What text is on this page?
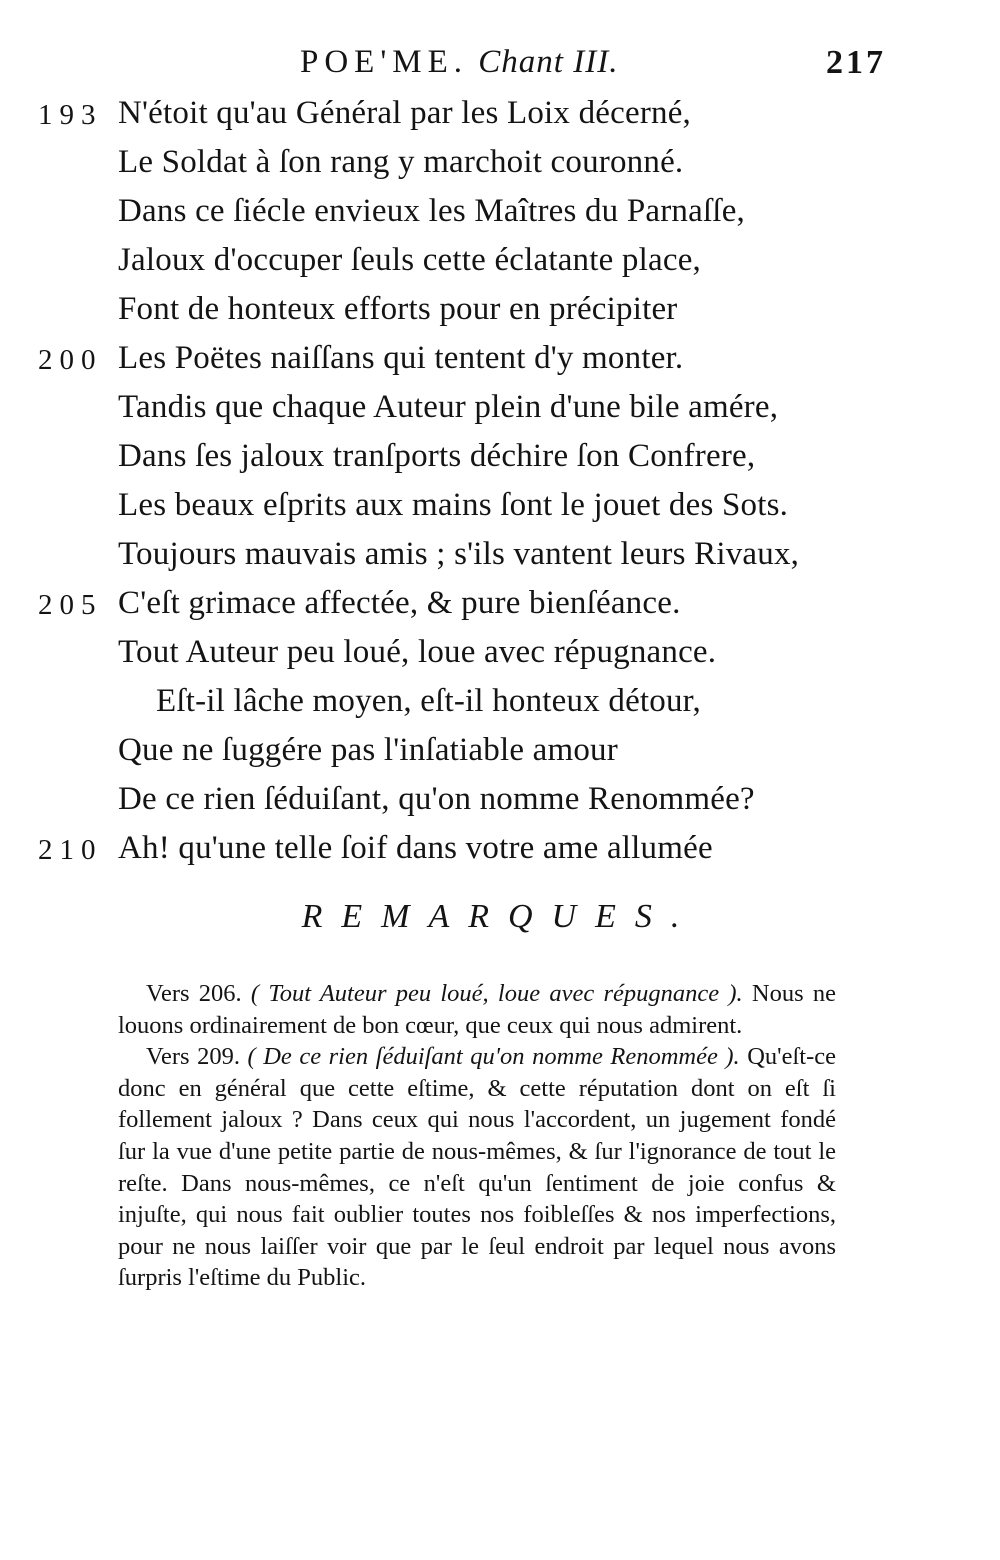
POE'ME. Chant III.	217
193 N'étoit qu'au Général par les Loix décerné,
Le Soldat à ſon rang y marchoit couronné.
Dans ce ſiécle envieux les Maîtres du Parnaſſe,
Jaloux d'occuper ſeuls cette éclatante place,
Font de honteux efforts pour en précipiter
200 Les Poëtes naiſſans qui tentent d'y monter.
Tandis que chaque Auteur plein d'une bile amére,
Dans ſes jaloux tranſports déchire ſon Confrere,
Les beaux eſprits aux mains ſont le jouet des Sots.
Toujours mauvais amis ; s'ils vantent leurs Rivaux,
205 C'eſt grimace affectée, & pure bienſéance.
Tout Auteur peu loué, loue avec répugnance.
Eſt-il lâche moyen, eſt-il honteux détour,
Que ne ſuggére pas l'inſatiable amour
De ce rien ſéduiſant, qu'on nomme Renommée?
210 Ah! qu'une telle ſoif dans votre ame allumée
REMARQUES.

Vers 206. ( Tout Auteur peu loué, loue avec répugnance ). Nous ne louons ordinairement de bon cœur, que ceux qui nous admirent.

Vers 209. ( De ce rien ſéduiſant qu'on nomme Renommée ). Qu'eſt-ce donc en général que cette eſtime, & cette réputation dont on eſt ſi follement jaloux ? Dans ceux qui nous l'accordent, un jugement fondé ſur la vue d'une petite partie de nous-mêmes, & ſur l'ignorance de tout le reſte. Dans nous-mêmes, ce n'eſt qu'un ſentiment de joie confus & injuſte, qui nous fait oublier toutes nos foibleſſes & nos imperfections, pour ne nous laiſſer voir que par le ſeul endroit par lequel nous avons ſurpris l'eſtime du Public.
